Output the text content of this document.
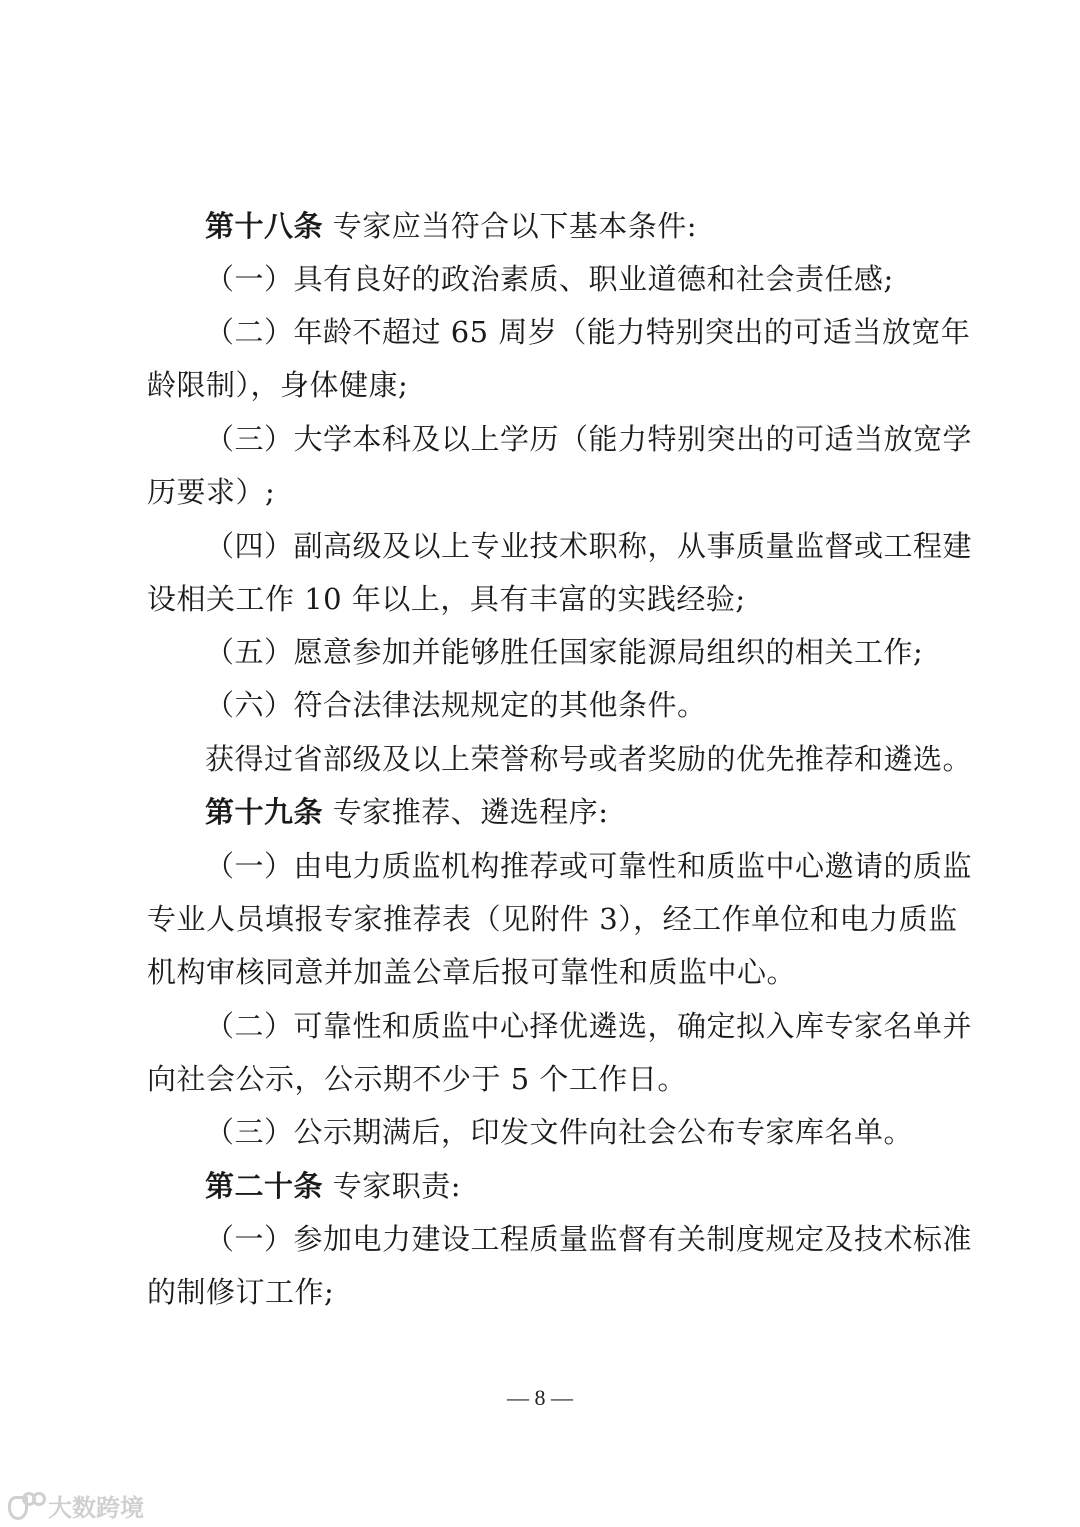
第十八条 专家应当符合以下基本条件:
（一）具有良好的政治素质、职业道德和社会责任感;
（二）年龄不超过 65 周岁（能力特别突出的可适当放宽年
龄限制），身体健康;
（三）大学本科及以上学历（能力特别突出的可适当放宽学
历要求）;
（四）副高级及以上专业技术职称，从事质量监督或工程建
设相关工作 10 年以上，具有丰富的实践经验;
（五）愿意参加并能够胜任国家能源局组织的相关工作;
（六）符合法律法规规定的其他条件。
获得过省部级及以上荣誉称号或者奖励的优先推荐和遴选。
第十九条 专家推荐、遴选程序:
（一）由电力质监机构推荐或可靠性和质监中心邀请的质监
专业人员填报专家推荐表（见附件 3），经工作单位和电力质监
机构审核同意并加盖公章后报可靠性和质监中心。
（二）可靠性和质监中心择优遴选，确定拟入库专家名单并
向社会公示，公示期不少于 5 个工作日。
（三）公示期满后，印发文件向社会公布专家库名单。
第二十条 专家职责:
（一）参加电力建设工程质量监督有关制度规定及技术标准
的制修订工作;
— 8 —
大数跨境
